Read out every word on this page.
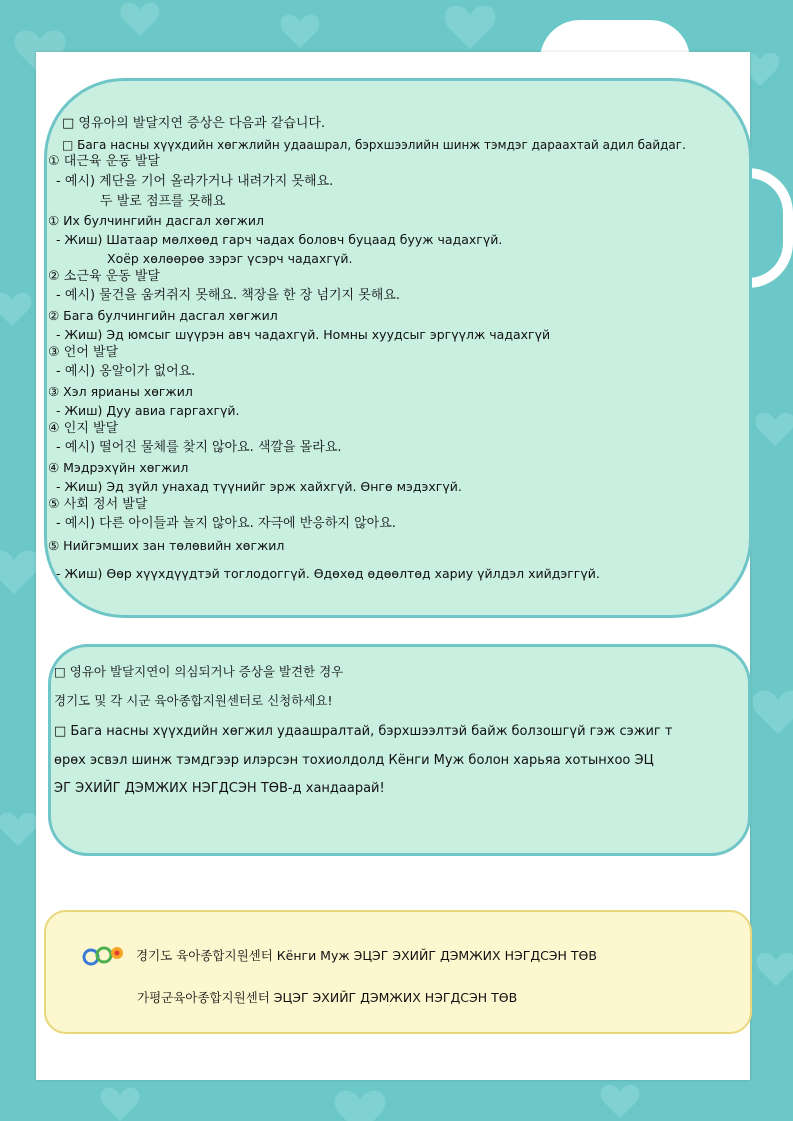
□ 영유아의 발달지연 증상은 다음과 같습니다.
□ Бага насны хүүхдийн хөгжлийн удаашрал, бэрхшээлийн шинж тэмдэг дараахтай адил байдаг.
① 대근육 운동 발달
- 예시) 계단을 기어 올라가거나 내려가지 못해요.
두 발로 점프를 못해요
① Их булчингийн дасгал хөгжил
- Жиш) Шатаар мөлхөөд гарч чадах боловч буцаад бууж чадахгүй.
Хоёр хөлөөрөө зэрэг үсэрч чадахгүй.
② 소근육 운동 발달
- 예시) 물건을 움켜쥐지 못해요. 책장을 한 장 넘기지 못해요.
② Бага булчингийн дасгал хөгжил
- Жиш) Эд юмсыг шүүрэн авч чадахгүй. Номны хуудсыг эргүүлж чадахгүй
③ 언어 발달
- 예시) 옹알이가 없어요.
③ Хэл ярианы хөгжил
- Жиш) Дуу авиа гаргахгүй.
④ 인지 발달
- 예시) 떨어진 물체를 찾지 않아요. 색깔을 몰라요.
④ Мэдрэхүйн хөгжил
- Жиш) Эд зүйл унахад түүнийг эрж хайхгүй. Өнгө мэдэхгүй.
⑤ 사회 정서 발달
- 예시) 다른 아이들과 놀지 않아요. 자극에 반응하지 않아요.
⑤ Нийгэмших зан төлөвийн хөгжил
- Жиш) Өөр хүүхдүүдтэй тоглодоггүй. Өдөхөд өдөөлтөд хариу үйлдэл хийдэггүй.
□ 영유아 발달지연이 의심되거나 증상을 발견한 경우
경기도 및 각 시군 육아종합지원센터로 신청하세요!
□ Бага насны хүүхдийн хөгжил удаашралтай, бэрхшээлтэй байж болзошгүй гэж сэжиг т
өрөх эсвэл шинж тэмдгээр илэрсэн тохиолдолд Кёнги Муж болон харьяа хотынхоо ЭЦ
ЭГ ЭХИЙГ ДЭМЖИХ НЭГДСЭН ТӨВ-д хандаарай!
경기도 육아종합지원센터 Кёнги Муж ЭЦЭГ ЭХИЙГ ДЭМЖИХ НЭГДСЭН ТӨВ
가평군육아종합지원센터 ЭЦЭГ ЭХИЙГ ДЭМЖИХ НЭГДСЭН ТӨВ
